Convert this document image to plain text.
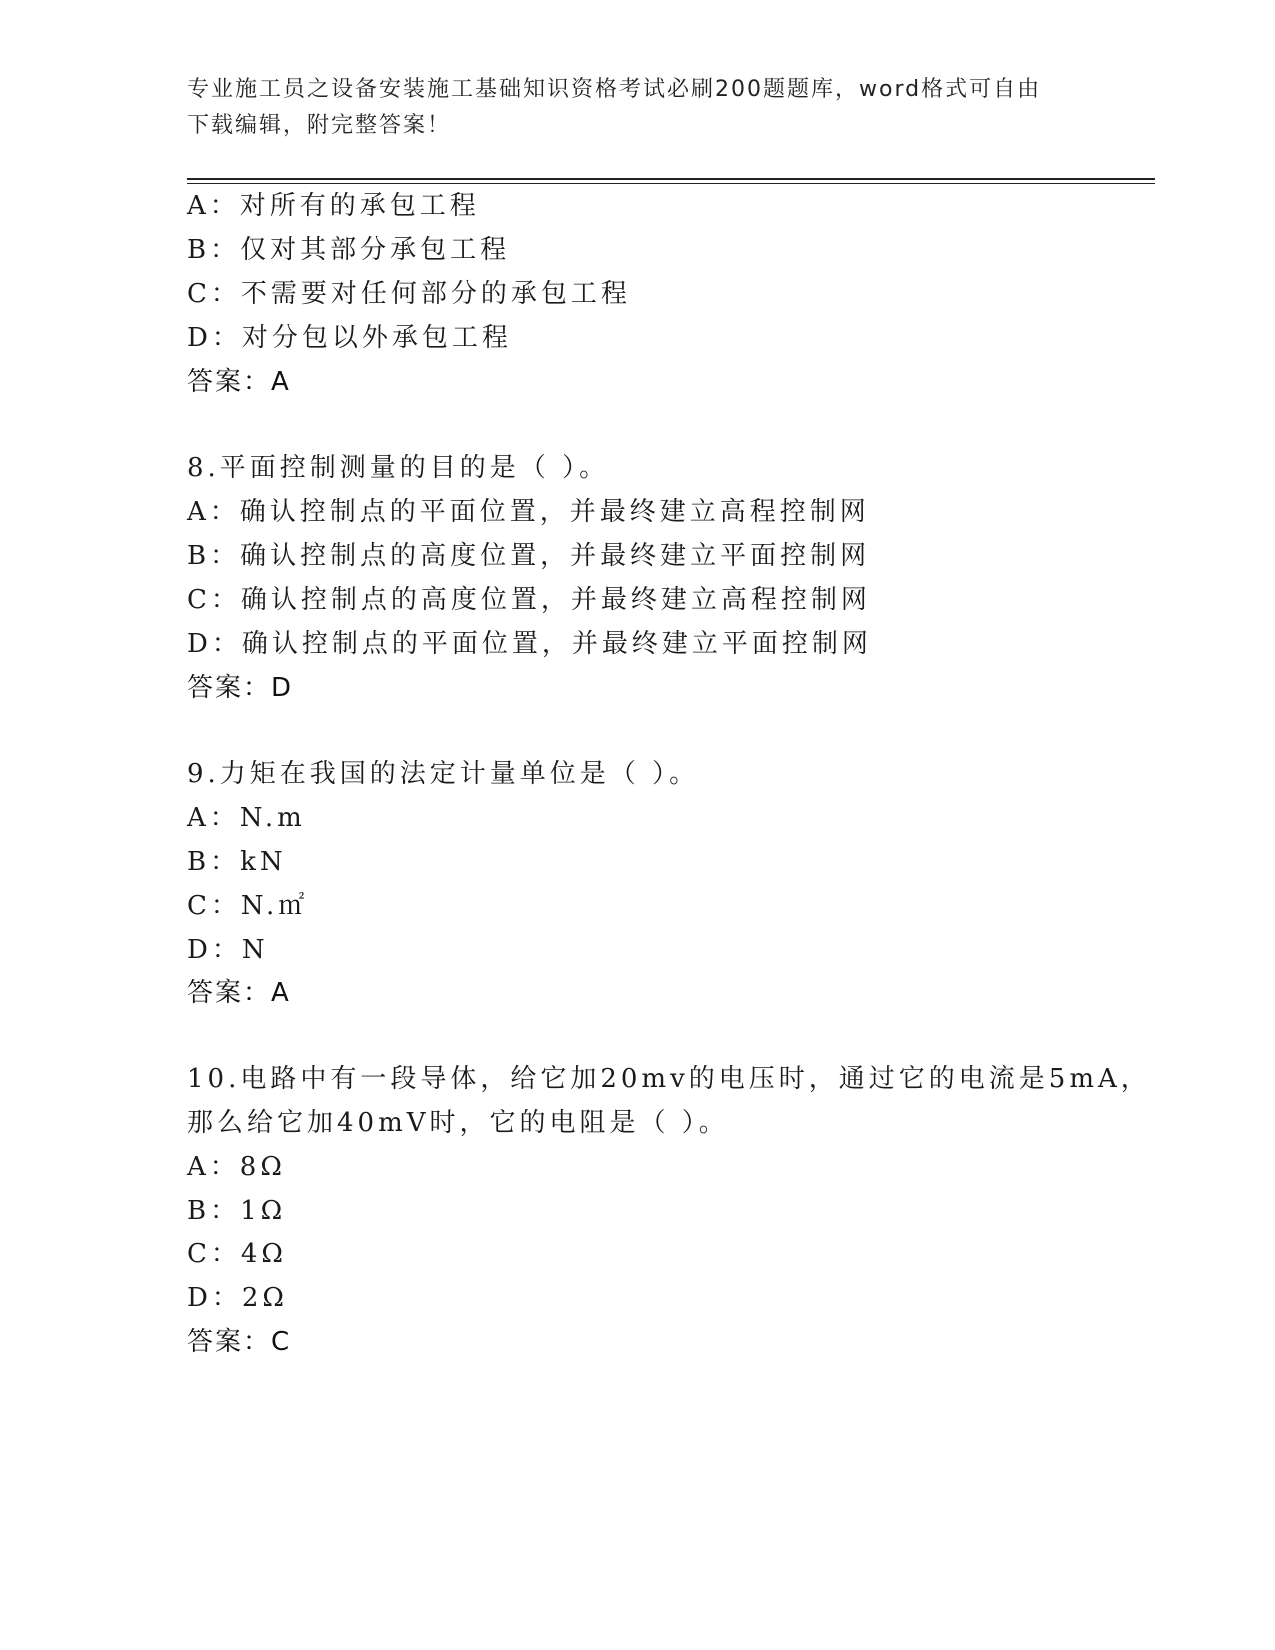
专业施工员之设备安装施工基础知识资格考试必刷200题题库，word格式可自由
下载编辑，附完整答案！
A：对所有的承包工程
B：仅对其部分承包工程
C：不需要对任何部分的承包工程
D：对分包以外承包工程
答案：A
8.平面控制测量的目的是（ ）。
A：确认控制点的平面位置，并最终建立高程控制网
B：确认控制点的高度位置，并最终建立平面控制网
C：确认控制点的高度位置，并最终建立高程控制网
D：确认控制点的平面位置，并最终建立平面控制网
答案：D
9.力矩在我国的法定计量单位是（ ）。
A：N.m
B：kN
C：N.㎡
D：N
答案：A
10.电路中有一段导体，给它加20mv的电压时，通过它的电流是5mA，
那么给它加40mV时，它的电阻是（ ）。
A：8Ω
B：1Ω
C：4Ω
D：2Ω
答案：C
